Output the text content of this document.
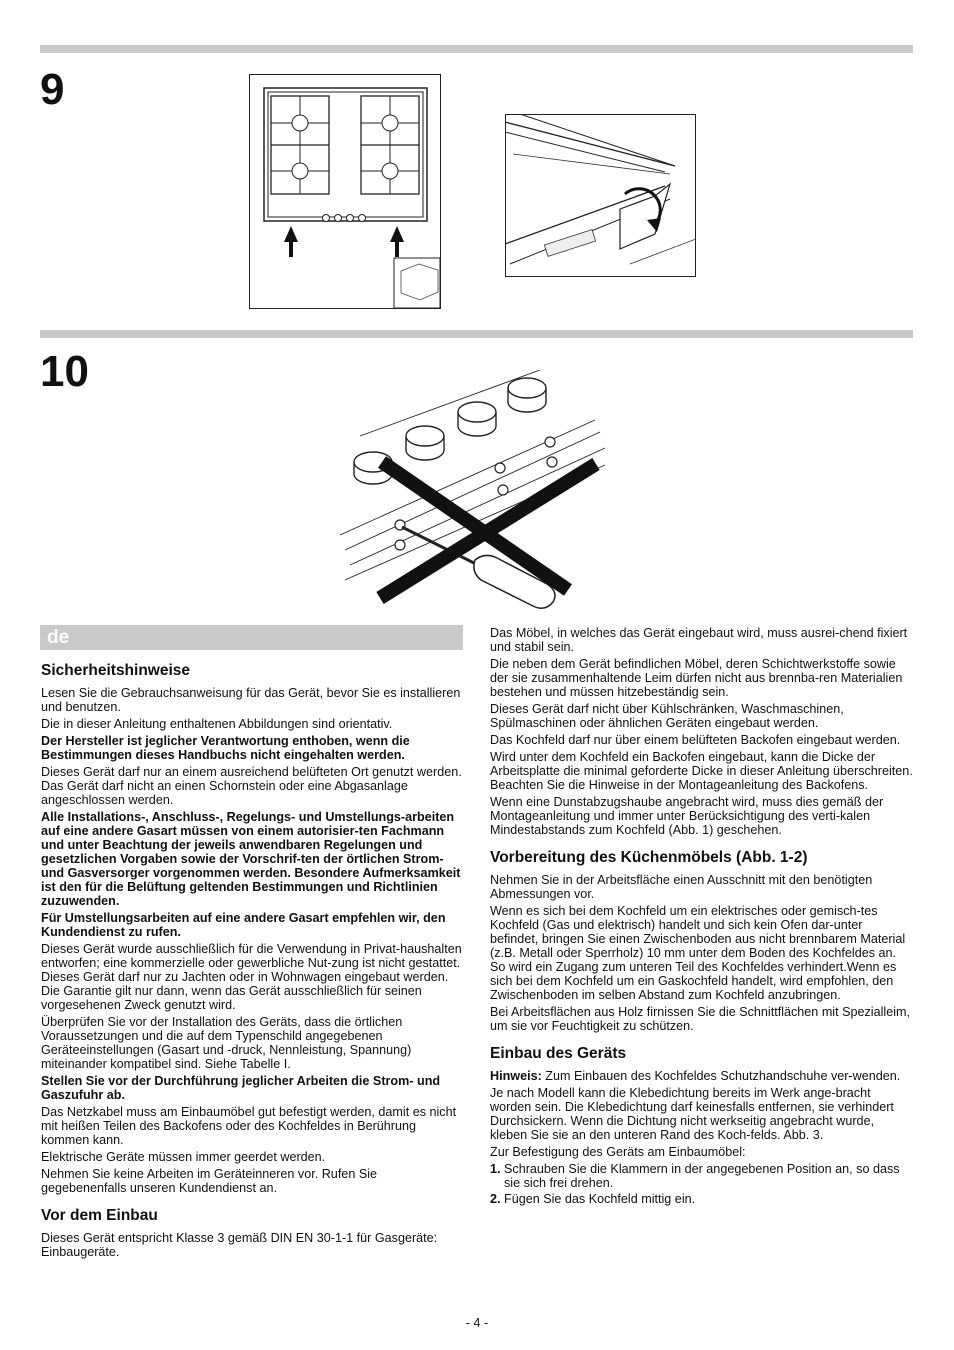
9
10
de
Sicherheitshinweise

Lesen Sie die Gebrauchsanweisung für das Gerät, bevor Sie es installieren und benutzen.

Die in dieser Anleitung enthaltenen Abbildungen sind orientativ.

Der Hersteller ist jeglicher Verantwortung enthoben, wenn die Bestimmungen dieses Handbuchs nicht eingehalten werden.

Dieses Gerät darf nur an einem ausreichend belüfteten Ort genutzt werden. Das Gerät darf nicht an einen Schornstein oder eine Abgasanlage angeschlossen werden.

Alle Installations-, Anschluss-, Regelungs- und Umstellungs-arbeiten auf eine andere Gasart müssen von einem autorisier-ten Fachmann und unter Beachtung der jeweils anwendbaren Regelungen und gesetzlichen Vorgaben sowie der Vorschrif-ten der örtlichen Strom- und Gasversorger vorgenommen werden. Besondere Aufmerksamkeit ist den für die Belüftung geltenden Bestimmungen und Richtlinien zuzuwenden.

Für Umstellungsarbeiten auf eine andere Gasart empfehlen wir, den Kundendienst zu rufen.

Dieses Gerät wurde ausschließlich für die Verwendung in Privat-haushalten entworfen; eine kommerzielle oder gewerbliche Nut-zung ist nicht gestattet. Dieses Gerät darf nur zu Jachten oder in Wohnwagen eingebaut werden. Die Garantie gilt nur dann, wenn das Gerät ausschließlich für seinen vorgesehenen Zweck genutzt wird.

Überprüfen Sie vor der Installation des Geräts, dass die örtlichen Voraussetzungen und die auf dem Typenschild angegebenen Geräteeinstellungen (Gasart und -druck, Nennleistung, Spannung) miteinander kompatibel sind. Siehe Tabelle I.

Stellen Sie vor der Durchführung jeglicher Arbeiten die Strom- und Gaszufuhr ab.

Das Netzkabel muss am Einbaumöbel gut befestigt werden, damit es nicht mit heißen Teilen des Backofens oder des Kochfeldes in Berührung kommen kann.

Elektrische Geräte müssen immer geerdet werden.

Nehmen Sie keine Arbeiten im Geräteinneren vor. Rufen Sie gegebenenfalls unseren Kundendienst an.

Vor dem Einbau

Dieses Gerät entspricht Klasse 3 gemäß DIN EN 30-1-1 für Gasgeräte: Einbaugeräte.

Das Möbel, in welches das Gerät eingebaut wird, muss ausrei-chend fixiert und stabil sein.

Die neben dem Gerät befindlichen Möbel, deren Schichtwerkstoffe sowie der sie zusammenhaltende Leim dürfen nicht aus brennba-ren Materialien bestehen und müssen hitzebeständig sein.

Dieses Gerät darf nicht über Kühlschränken, Waschmaschinen, Spülmaschinen oder ähnlichen Geräten eingebaut werden.

Das Kochfeld darf nur über einem belüfteten Backofen eingebaut werden.

Wird unter dem Kochfeld ein Backofen eingebaut, kann die Dicke der Arbeitsplatte die minimal geforderte Dicke in dieser Anleitung überschreiten. Beachten Sie die Hinweise in der Montageanleitung des Backofens.

Wenn eine Dunstabzugshaube angebracht wird, muss dies gemäß der Montageanleitung und immer unter Berücksichtigung des verti-kalen Mindestabstands zum Kochfeld (Abb. 1) geschehen.

Vorbereitung des Küchenmöbels (Abb. 1-2)

Nehmen Sie in der Arbeitsfläche einen Ausschnitt mit den benötigten Abmessungen vor.

Wenn es sich bei dem Kochfeld um ein elektrisches oder gemisch-tes Kochfeld (Gas und elektrisch) handelt und sich kein Ofen dar-unter befindet, bringen Sie einen Zwischenboden aus nicht brennbarem Material (z.B. Metall oder Sperrholz) 10 mm unter dem Boden des Kochfeldes an. So wird ein Zugang zum unteren Teil des Kochfeldes verhindert.Wenn es sich bei dem Kochfeld um ein Gaskochfeld handelt, wird empfohlen, den Zwischenboden im selben Abstand zum Kochfeld anzubringen.

Bei Arbeitsflächen aus Holz firnissen Sie die Schnittflächen mit Spezialleim, um sie vor Feuchtigkeit zu schützen.

Einbau des Geräts

Hinweis: Zum Einbauen des Kochfeldes Schutzhandschuhe ver-wenden.

Je nach Modell kann die Klebedichtung bereits im Werk ange-bracht worden sein. Die Klebedichtung darf keinesfalls entfernen, sie verhindert Durchsickern. Wenn die Dichtung nicht werkseitig angebracht wurde, kleben Sie sie an den unteren Rand des Koch-felds. Abb. 3.

Zur Befestigung des Geräts am Einbaumöbel:

1. Schrauben Sie die Klammern in der angegebenen Position an, so dass sie sich frei drehen.
2. Fügen Sie das Kochfeld mittig ein.
- 4 -
